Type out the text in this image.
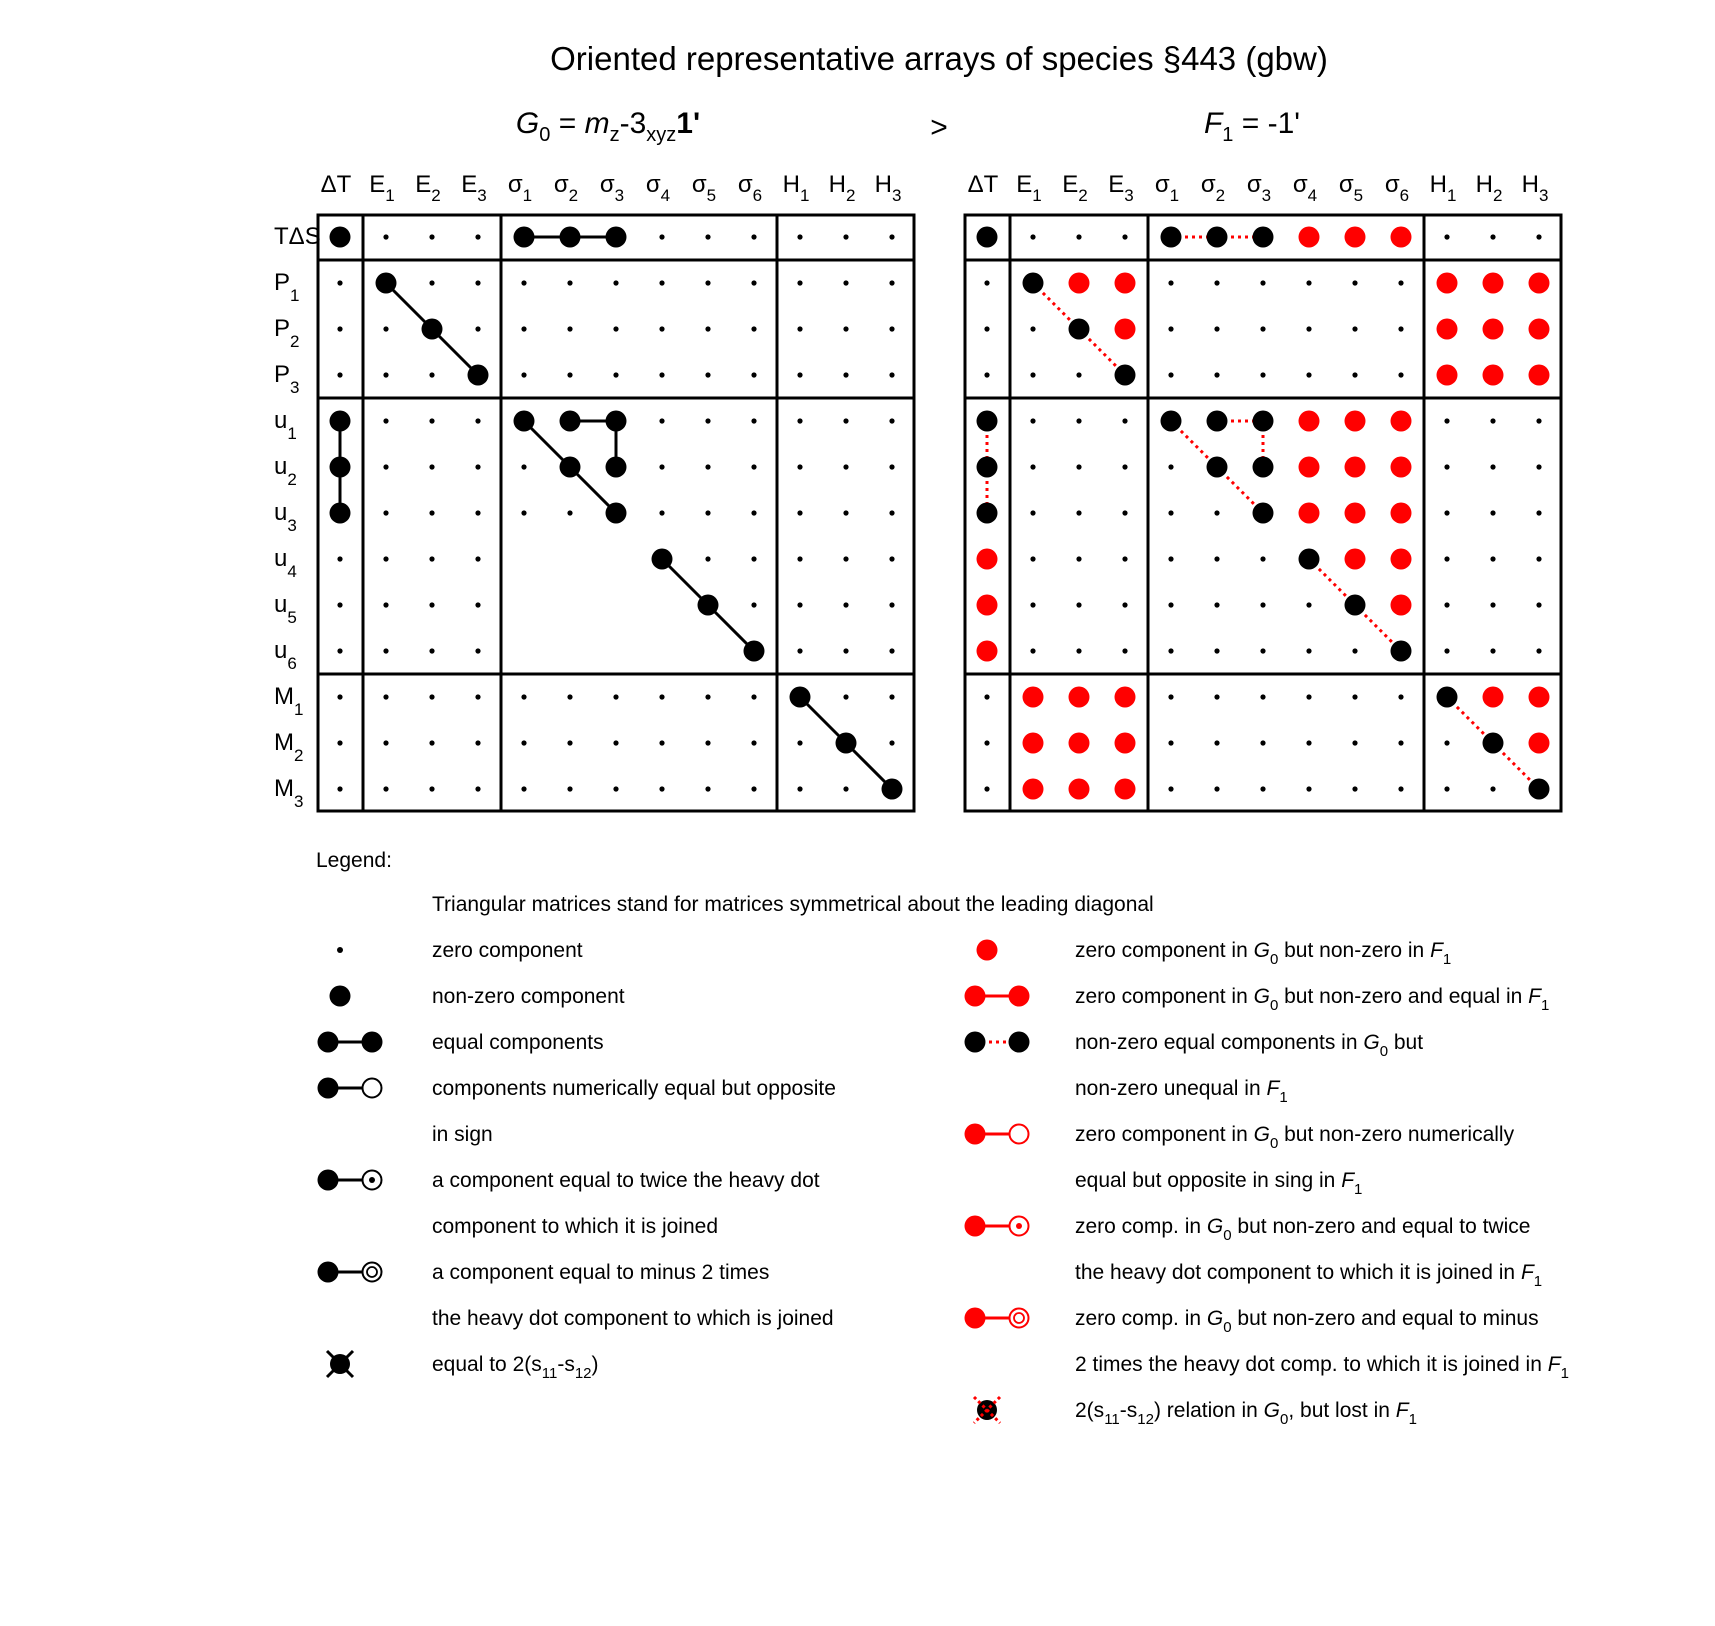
Oriented representative arrays of species §443 (gbw)
$G_0 = m_z-3_{xyz}1'$	>	$F_1 = -1'$
ΔT $E_1$ $E_2$ $E_3$ $\sigma_1$ $\sigma_2$ $\sigma_3$ $\sigma_4$ $\sigma_5$ $\sigma_6$ $H_1$ $H_2$ $H_3$
TΔS
$P_1$
$P_2$
$P_3$
$u_1$
$u_2$
$u_3$
$u_4$
$u_5$
$u_6$
$M_1$
$M_2$
$M_3$
ΔT $E_1$ $E_2$ $E_3$ $\sigma_1$ $\sigma_2$ $\sigma_3$ $\sigma_4$ $\sigma_5$ $\sigma_6$ $H_1$ $H_2$ $H_3$
Legend:
Triangular matrices stand for matrices symmetrical about the leading diagonal
zero component
non-zero component
equal components
components numerically equal but opposite
in sign
a component equal to twice the heavy dot
component to which it is joined
a component equal to minus 2 times
the heavy dot component to which is joined
equal to $2(s_{11}-s_{12})$
zero component in $G_0$ but non-zero in $F_1$
zero component in $G_0$ but non-zero and equal in $F_1$
non-zero equal components in $G_0$ but
non-zero unequal in $F_1$
zero component in $G_0$ but non-zero numerically
equal but opposite in sing in $F_1$
zero comp. in $G_0$ but non-zero and equal to twice
the heavy dot component to which it is joined in $F_1$
zero comp. in $G_0$ but non-zero and equal to minus
2 times the heavy dot comp. to which it is joined in $F_1$
$2(s_{11}-s_{12})$ relation in $G_0$, but lost in $F_1$
